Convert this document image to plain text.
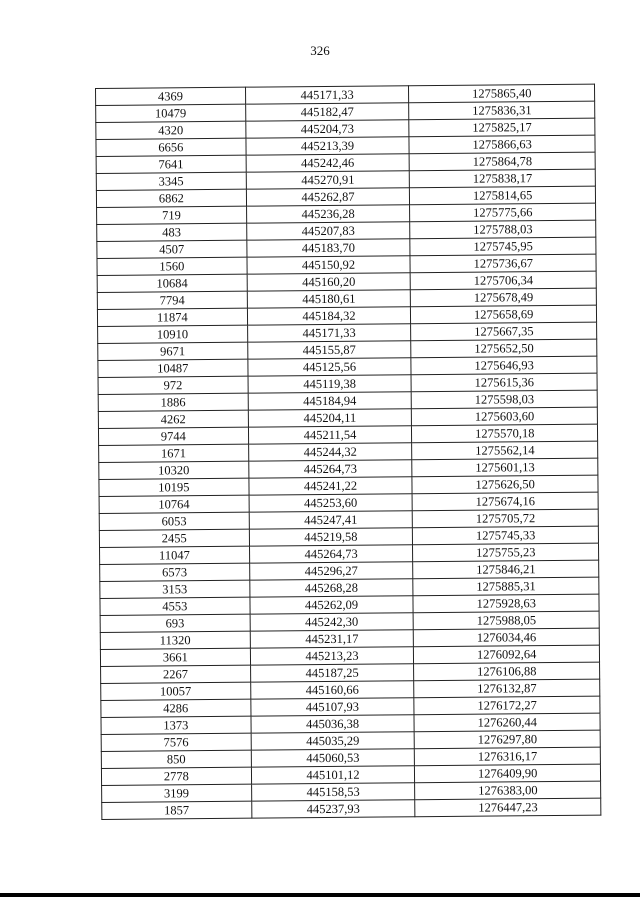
326
4369	445171,33	1275865,40
10479	445182,47	1275836,31
4320	445204,73	1275825,17
6656	445213,39	1275866,63
7641	445242,46	1275864,78
3345	445270,91	1275838,17
6862	445262,87	1275814,65
719	445236,28	1275775,66
483	445207,83	1275788,03
4507	445183,70	1275745,95
1560	445150,92	1275736,67
10684	445160,20	1275706,34
7794	445180,61	1275678,49
11874	445184,32	1275658,69
10910	445171,33	1275667,35
9671	445155,87	1275652,50
10487	445125,56	1275646,93
972	445119,38	1275615,36
1886	445184,94	1275598,03
4262	445204,11	1275603,60
9744	445211,54	1275570,18
1671	445244,32	1275562,14
10320	445264,73	1275601,13
10195	445241,22	1275626,50
10764	445253,60	1275674,16
6053	445247,41	1275705,72
2455	445219,58	1275745,33
11047	445264,73	1275755,23
6573	445296,27	1275846,21
3153	445268,28	1275885,31
4553	445262,09	1275928,63
693	445242,30	1275988,05
11320	445231,17	1276034,46
3661	445213,23	1276092,64
2267	445187,25	1276106,88
10057	445160,66	1276132,87
4286	445107,93	1276172,27
1373	445036,38	1276260,44
7576	445035,29	1276297,80
850	445060,53	1276316,17
2778	445101,12	1276409,90
3199	445158,53	1276383,00
1857	445237,93	1276447,23
